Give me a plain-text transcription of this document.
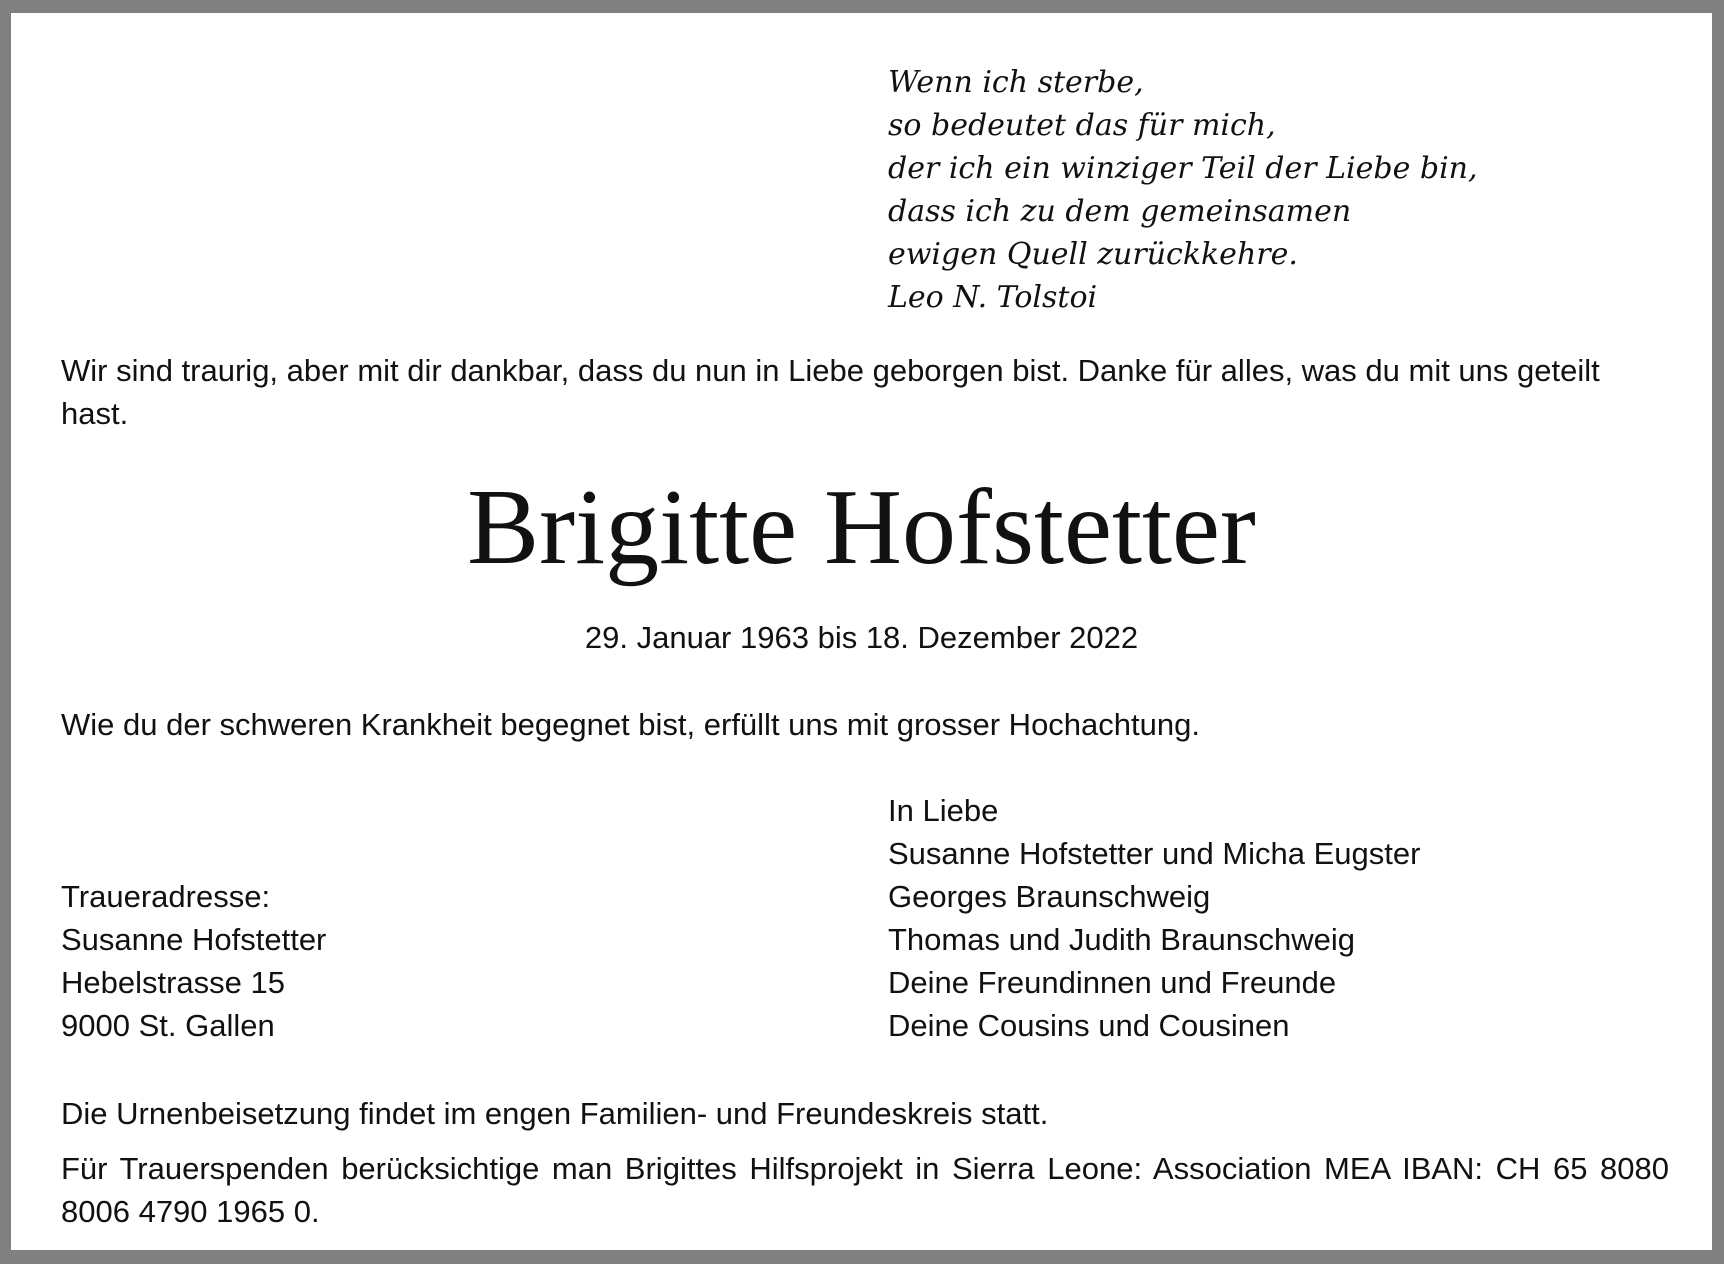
Wenn ich sterbe,
so bedeutet das für mich,
der ich ein winziger Teil der Liebe bin,
dass ich zu dem gemeinsamen
ewigen Quell zurückkehre.
Leo N. Tolstoi

Wir sind traurig, aber mit dir dankbar, dass du nun in Liebe geborgen bist. Danke für alles, was du mit uns geteilt hast.

Brigitte Hofstetter

29. Januar 1963 bis 18. Dezember 2022

Wie du der schweren Krankheit begegnet bist, erfüllt uns mit grosser Hochachtung.

In Liebe
Susanne Hofstetter und Micha Eugster
Georges Braunschweig
Thomas und Judith Braunschweig
Deine Freundinnen und Freunde
Deine Cousins und Cousinen
Traueradresse:
Susanne Hofstetter
Hebelstrasse 15
9000 St. Gallen

Die Urnenbeisetzung findet im engen Familien- und Freundeskreis statt.

Für Trauerspenden berücksichtige man Brigittes Hilfsprojekt in Sierra Leone: Association MEA IBAN: CH 65 8080 8006 4790 1965 0.
